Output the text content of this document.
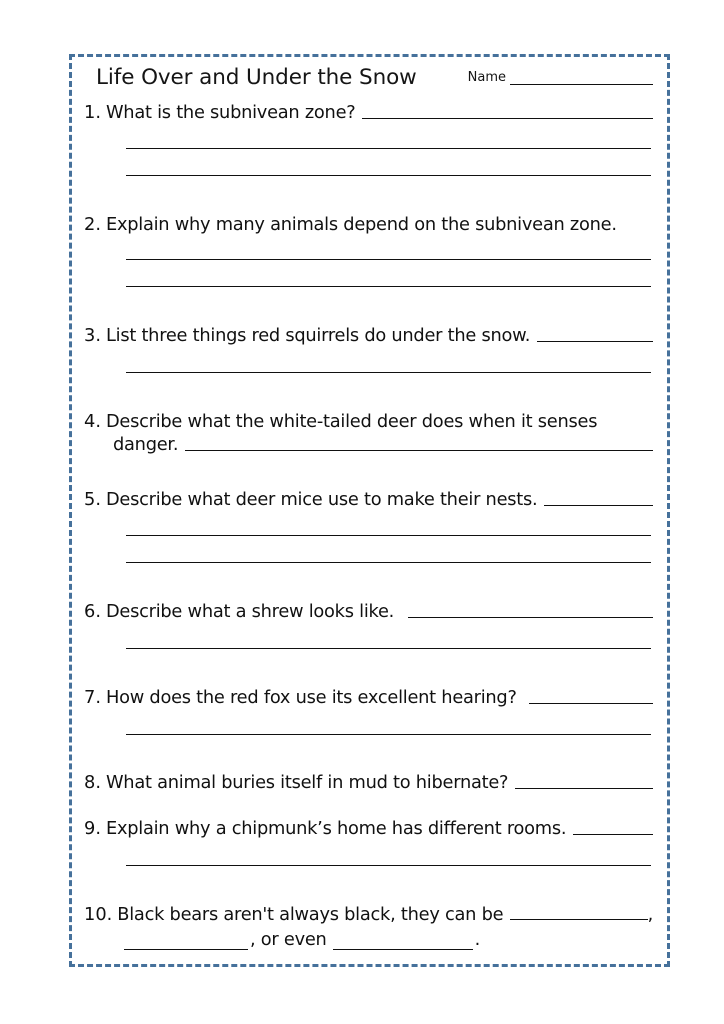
Life Over and Under the Snow	Name
1. What is the subnivean zone?
2. Explain why many animals depend on the subnivean zone.
3. List three things red squirrels do under the snow.
4. Describe what the white-tailed deer does when it senses
danger.
5. Describe what deer mice use to make their nests.
6. Describe what a shrew looks like.
7. How does the red fox use its excellent hearing?
8. What animal buries itself in mud to hibernate?
9. Explain why a chipmunk’s home has different rooms.
10. Black bears aren't always black, they can be	,
, or even	.
